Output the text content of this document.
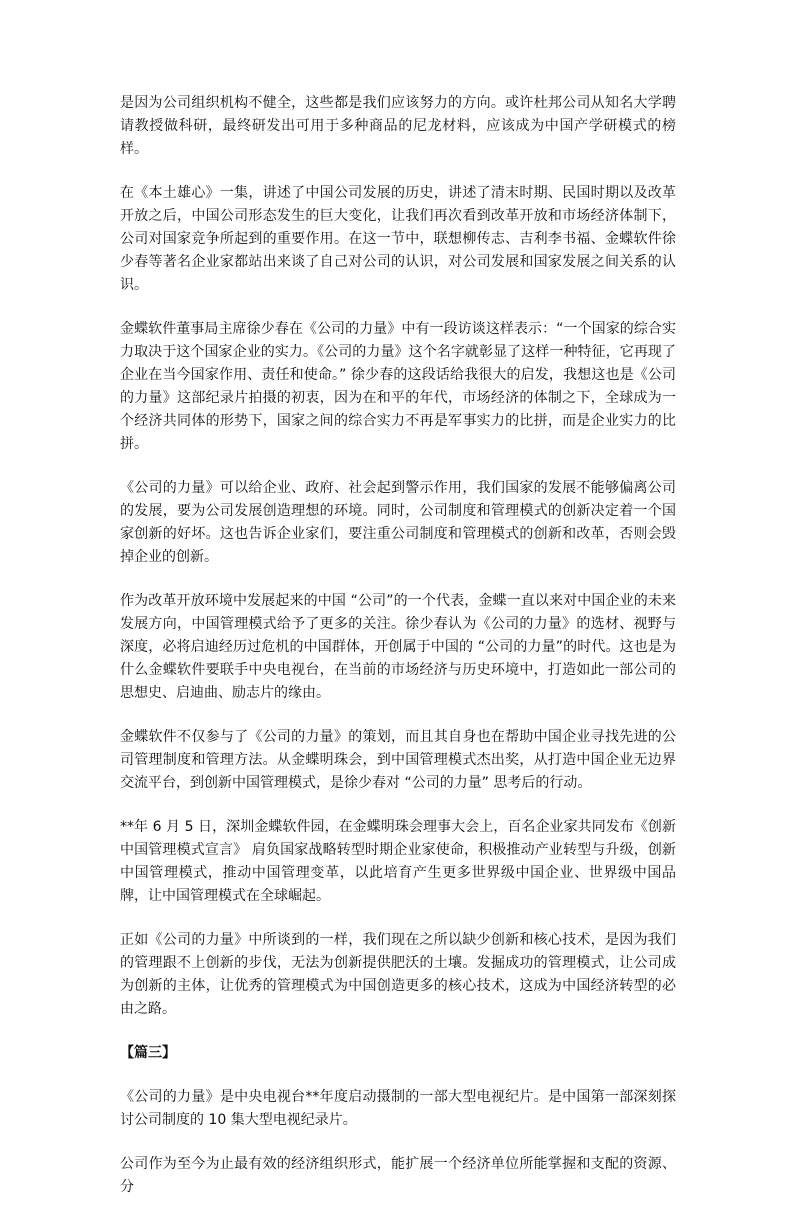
是因为公司组织机构不健全，这些都是我们应该努力的方向。或许杜邦公司从知名大学聘请教授做科研，最终研发出可用于多种商品的尼龙材料，应该成为中国产学研模式的榜样。

在《本土雄心》一集，讲述了中国公司发展的历史，讲述了清末时期、民国时期以及改革开放之后，中国公司形态发生的巨大变化，让我们再次看到改革开放和市场经济体制下，公司对国家竞争所起到的重要作用。在这一节中，联想柳传志、吉利李书福、金蝶软件徐少春等著名企业家都站出来谈了自己对公司的认识，对公司发展和国家发展之间关系的认识。

金蝶软件董事局主席徐少春在《公司的力量》中有一段访谈这样表示：“一个国家的综合实力取决于这个国家企业的实力。《公司的力量》这个名字就彰显了这样一种特征，它再现了企业在当今国家作用、责任和使命。” 徐少春的这段话给我很大的启发，我想这也是《公司的力量》这部纪录片拍摄的初衷，因为在和平的年代，市场经济的体制之下，全球成为一个经济共同体的形势下，国家之间的综合实力不再是军事实力的比拼，而是企业实力的比拼。

《公司的力量》可以给企业、政府、社会起到警示作用，我们国家的发展不能够偏离公司的发展，要为公司发展创造理想的环境。同时，公司制度和管理模式的创新决定着一个国家创新的好坏。这也告诉企业家们，要注重公司制度和管理模式的创新和改革，否则会毁掉企业的创新。

作为改革开放环境中发展起来的中国 “公司”的一个代表，金蝶一直以来对中国企业的未来发展方向，中国管理模式给予了更多的关注。徐少春认为《公司的力量》的选材、视野与深度，必将启迪经历过危机的中国群体，开创属于中国的 “公司的力量”的时代。这也是为什么金蝶软件要联手中央电视台，在当前的市场经济与历史环境中，打造如此一部公司的思想史、启迪曲、励志片的缘由。

金蝶软件不仅参与了《公司的力量》的策划，而且其自身也在帮助中国企业寻找先进的公司管理制度和管理方法。从金蝶明珠会，到中国管理模式杰出奖，从打造中国企业无边界交流平台，到创新中国管理模式，是徐少春对 “公司的力量” 思考后的行动。

**年 6 月 5 日，深圳金蝶软件园，在金蝶明珠会理事大会上，百名企业家共同发布《创新中国管理模式宣言》 肩负国家战略转型时期企业家使命，积极推动产业转型与升级，创新中国管理模式，推动中国管理变革，以此培育产生更多世界级中国企业、世界级中国品牌，让中国管理模式在全球崛起。

正如《公司的力量》中所谈到的一样，我们现在之所以缺少创新和核心技术，是因为我们的管理跟不上创新的步伐，无法为创新提供肥沃的土壤。发掘成功的管理模式，让公司成为创新的主体，让优秀的管理模式为中国创造更多的核心技术，这成为中国经济转型的必由之路。

【篇三】

《公司的力量》是中央电视台**年度启动摄制的一部大型电视纪片。是中国第一部深刻探讨公司制度的 10 集大型电视纪录片。

公司作为至今为止最有效的经济组织形式，能扩展一个经济单位所能掌握和支配的资源、分
